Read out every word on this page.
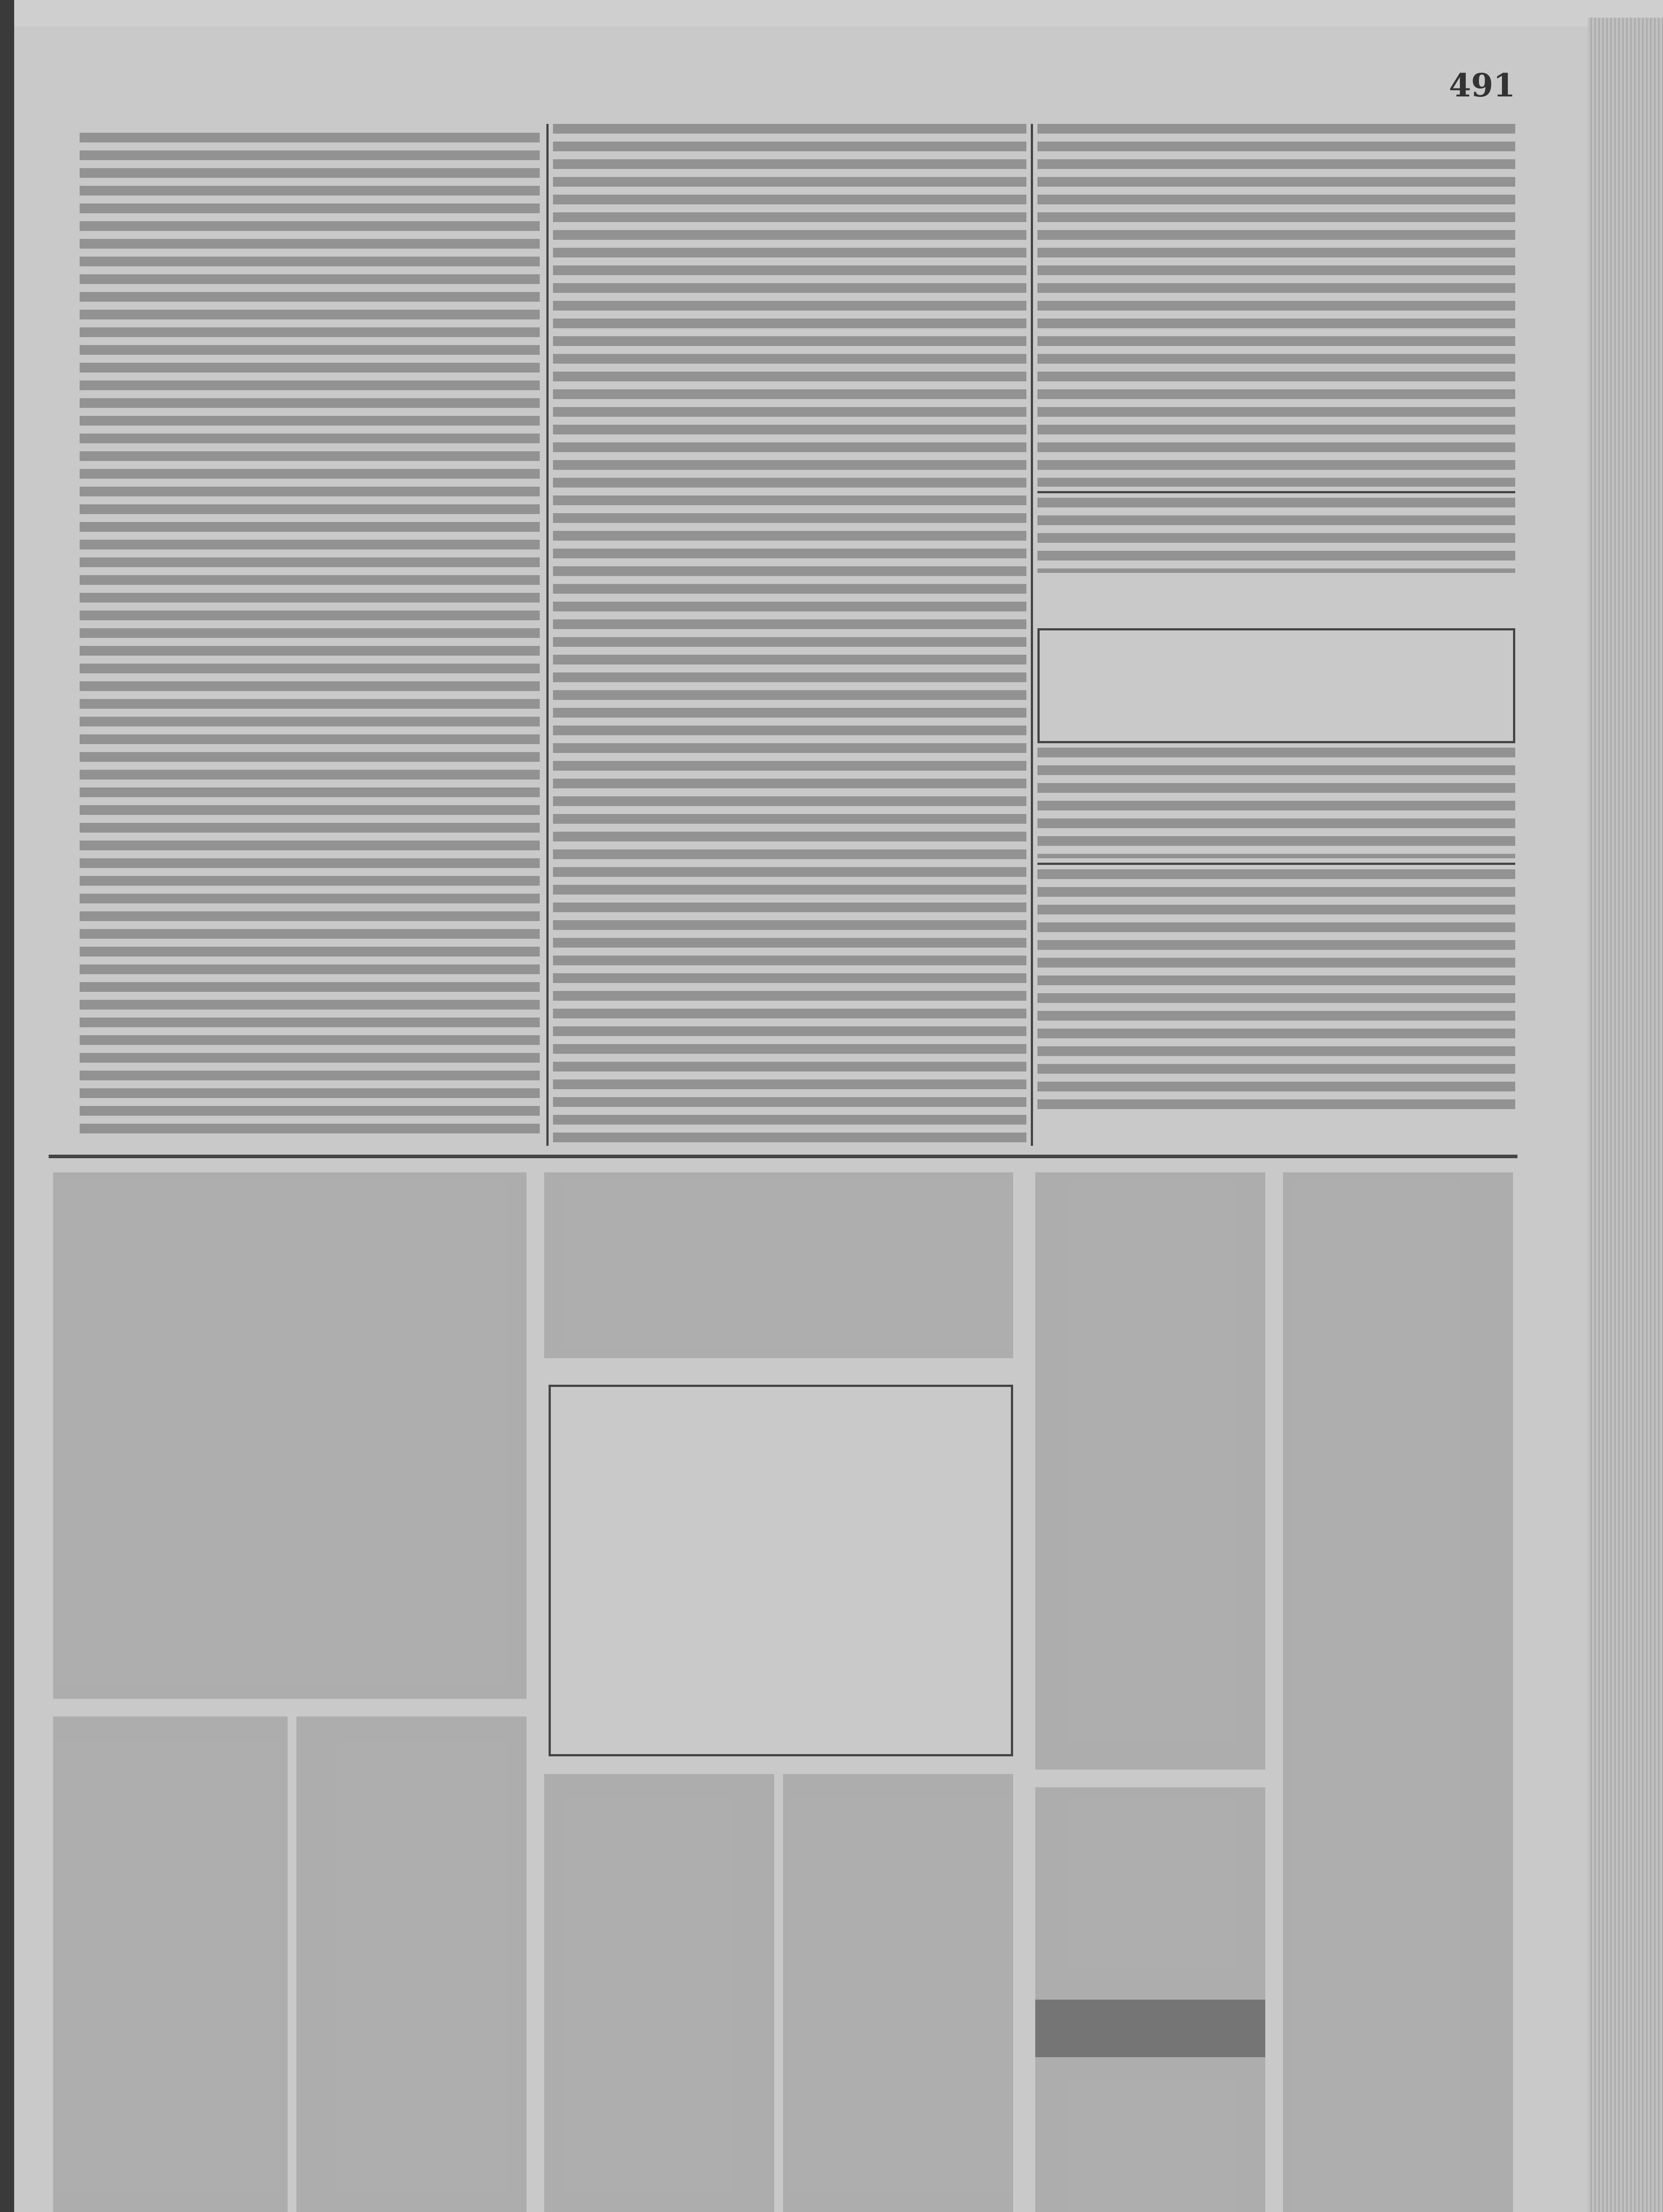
491
